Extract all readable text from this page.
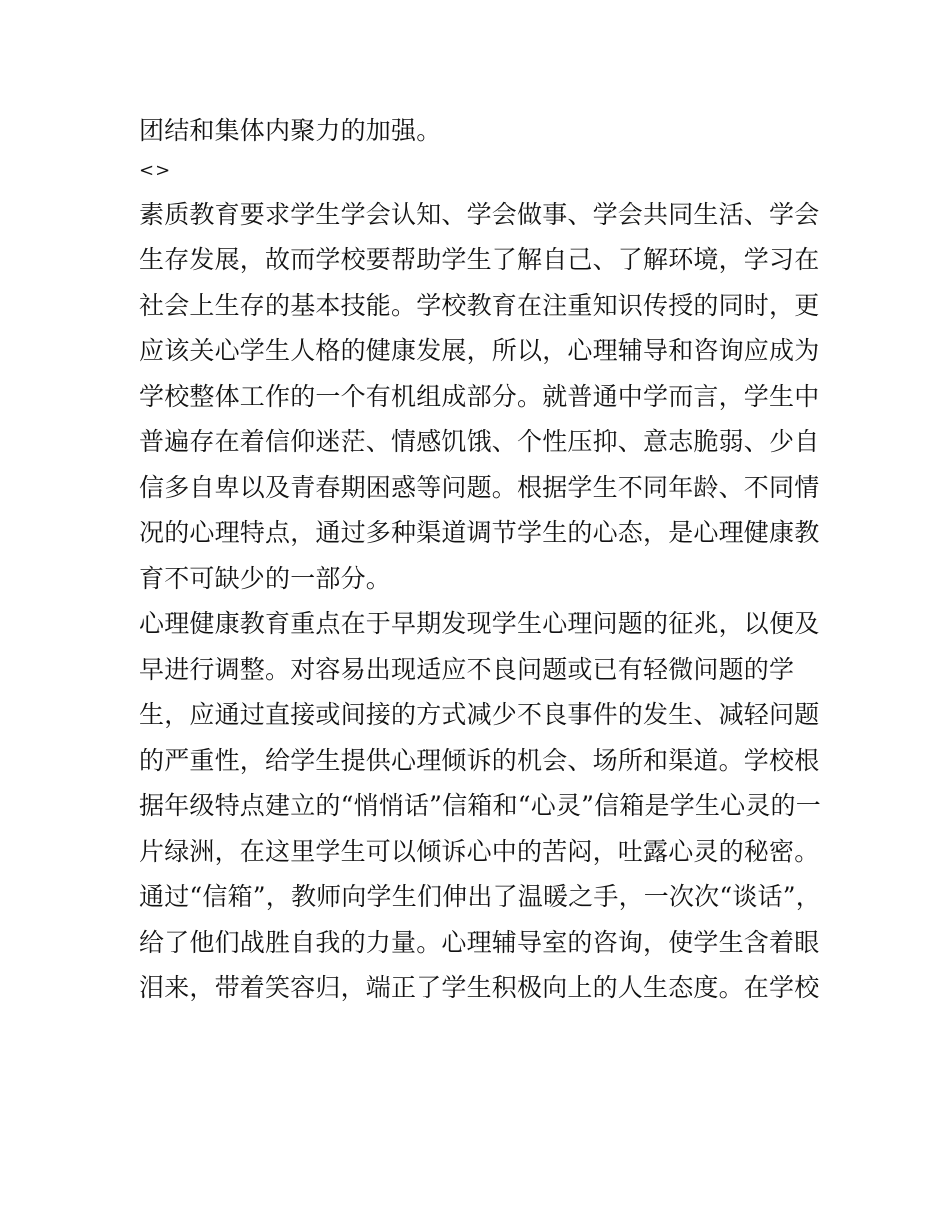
团结和集体内聚力的加强。
<>
素质教育要求学生学会认知、学会做事、学会共同生活、学会
生存发展，故而学校要帮助学生了解自己、了解环境，学习在
社会上生存的基本技能。学校教育在注重知识传授的同时，更
应该关心学生人格的健康发展，所以，心理辅导和咨询应成为
学校整体工作的一个有机组成部分。就普通中学而言，学生中
普遍存在着信仰迷茫、情感饥饿、个性压抑、意志脆弱、少自
信多自卑以及青春期困惑等问题。根据学生不同年龄、不同情
况的心理特点，通过多种渠道调节学生的心态，是心理健康教
育不可缺少的一部分。
心理健康教育重点在于早期发现学生心理问题的征兆，以便及
早进行调整。对容易出现适应不良问题或已有轻微问题的学
生，应通过直接或间接的方式减少不良事件的发生、减轻问题
的严重性，给学生提供心理倾诉的机会、场所和渠道。学校根
据年级特点建立的“悄悄话”信箱和“心灵”信箱是学生心灵的一
片绿洲，在这里学生可以倾诉心中的苦闷，吐露心灵的秘密。
通过“信箱”，教师向学生们伸出了温暖之手，一次次“谈话”，
给了他们战胜自我的力量。心理辅导室的咨询，使学生含着眼
泪来，带着笑容归，端正了学生积极向上的人生态度。在学校
